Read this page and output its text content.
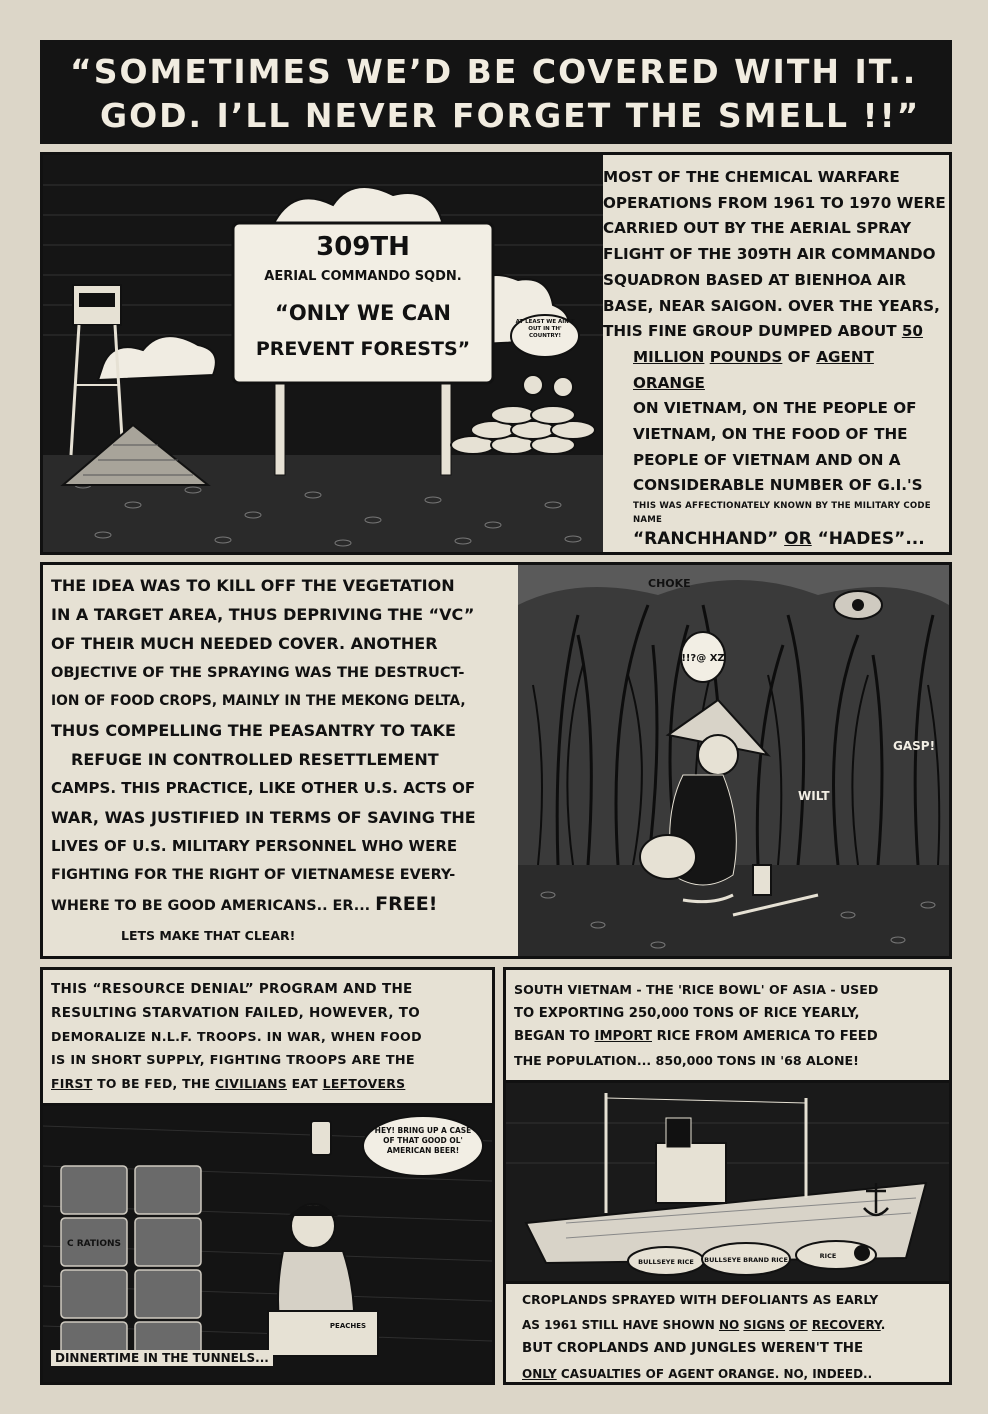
“SOMETIMES WE’D BE COVERED WITH IT..
GOD. I’LL NEVER FORGET THE SMELL !!”
309TH
AERIAL COMMANDO SQDN.
“ONLY WE CAN
PREVENT FORESTS”
AT LEAST WE AIN'T OUT IN TH' COUNTRY!
MOST OF THE CHEMICAL WARFARE
OPERATIONS FROM 1961 TO 1970 WERE
CARRIED OUT BY THE AERIAL SPRAY
FLIGHT OF THE 309TH AIR COMMANDO
SQUADRON BASED AT BIENHOA AIR
BASE, NEAR SAIGON. OVER THE YEARS,
THIS FINE GROUP DUMPED ABOUT 50
MILLION POUNDS OF AGENT ORANGE
ON VIETNAM, ON THE PEOPLE OF
VIETNAM, ON THE FOOD OF THE
PEOPLE OF VIETNAM AND ON A
CONSIDERABLE NUMBER OF G.I.'S
THIS WAS AFFECTIONATELY KNOWN BY THE MILITARY CODE NAME
“RANCHHAND” OR “HADES”...
THE IDEA WAS TO KILL OFF THE VEGETATION
IN A TARGET AREA, THUS DEPRIVING THE “VC”
OF THEIR MUCH NEEDED COVER. ANOTHER
OBJECTIVE OF THE SPRAYING WAS THE DESTRUCT-
ION OF FOOD CROPS, MAINLY IN THE MEKONG DELTA,
THUS COMPELLING THE PEASANTRY TO TAKE
REFUGE IN CONTROLLED RESETTLEMENT
CAMPS. THIS PRACTICE, LIKE OTHER U.S. ACTS OF
WAR, WAS JUSTIFIED IN TERMS OF SAVING THE
LIVES OF U.S. MILITARY PERSONNEL WHO WERE
FIGHTING FOR THE RIGHT OF VIETNAMESE EVERY-
WHERE TO BE GOOD AMERICANS.. ER... FREE!
LETS MAKE THAT CLEAR!
!!?@ XZ
CHOKE
GASP!
WILT
THIS “RESOURCE DENIAL” PROGRAM AND THE
RESULTING STARVATION FAILED, HOWEVER, TO
DEMORALIZE N.L.F. TROOPS. IN WAR, WHEN FOOD
IS IN SHORT SUPPLY, FIGHTING TROOPS ARE THE
FIRST TO BE FED, THE CIVILIANS EAT LEFTOVERS
C RATIONS
PEACHES
HEY! BRING UP A CASE OF THAT GOOD OL' AMERICAN BEER!
DINNERTIME IN THE TUNNELS...
SOUTH VIETNAM - THE 'RICE BOWL' OF ASIA - USED
TO EXPORTING 250,000 TONS OF RICE YEARLY,
BEGAN TO IMPORT RICE FROM AMERICA TO FEED
THE POPULATION... 850,000 TONS IN '68 ALONE!
BULLSEYE RICE BULLSEYE BRAND RICE	RICE
CROPLANDS SPRAYED WITH DEFOLIANTS AS EARLY
AS 1961 STILL HAVE SHOWN NO SIGNS OF RECOVERY.
BUT CROPLANDS AND JUNGLES WEREN'T THE
ONLY CASUALTIES OF AGENT ORANGE. NO, INDEED..
